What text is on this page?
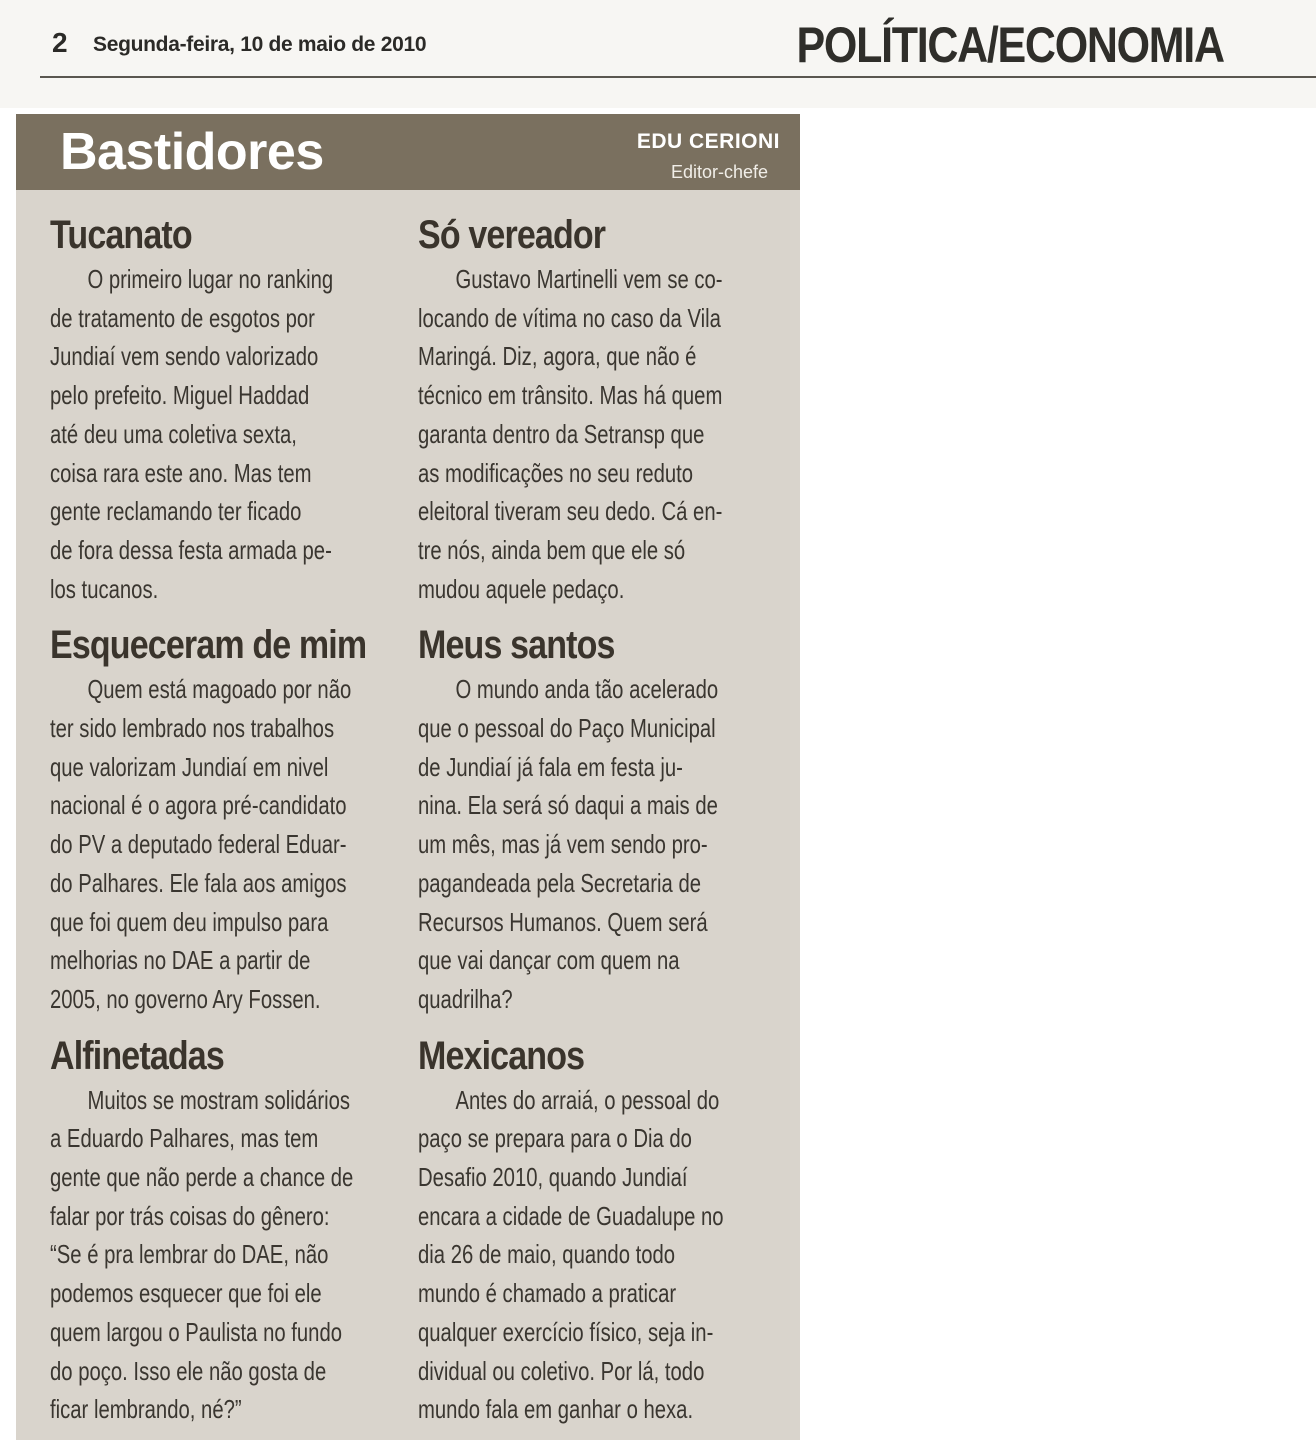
2 Segunda-feira, 10 de maio de 2010	POLÍTICA/ECONOMIA
Bastidores	EDU CERIONI
Editor-chefe
Tucanato
O primeiro lugar no ranking
de tratamento de esgotos por
Jundiaí vem sendo valorizado
pelo prefeito. Miguel Haddad
até deu uma coletiva sexta,
coisa rara este ano. Mas tem
gente reclamando ter ficado
de fora dessa festa armada pe-
los tucanos.
Esqueceram de mim
Quem está magoado por não
ter sido lembrado nos trabalhos
que valorizam Jundiaí em nivel
nacional é o agora pré-candidato
do PV a deputado federal Eduar-
do Palhares. Ele fala aos amigos
que foi quem deu impulso para
melhorias no DAE a partir de
2005, no governo Ary Fossen.
Alfinetadas
Muitos se mostram solidários
a Eduardo Palhares, mas tem
gente que não perde a chance de
falar por trás coisas do gênero:
“Se é pra lembrar do DAE, não
podemos esquecer que foi ele
quem largou o Paulista no fundo
do poço. Isso ele não gosta de
ficar lembrando, né?”
Só vereador
Gustavo Martinelli vem se co-
locando de vítima no caso da Vila
Maringá. Diz, agora, que não é
técnico em trânsito. Mas há quem
garanta dentro da Setransp que
as modificações no seu reduto
eleitoral tiveram seu dedo. Cá en-
tre nós, ainda bem que ele só
mudou aquele pedaço.
Meus santos
O mundo anda tão acelerado
que o pessoal do Paço Municipal
de Jundiaí já fala em festa ju-
nina. Ela será só daqui a mais de
um mês, mas já vem sendo pro-
pagandeada pela Secretaria de
Recursos Humanos. Quem será
que vai dançar com quem na
quadrilha?
Mexicanos
Antes do arraiá, o pessoal do
paço se prepara para o Dia do
Desafio 2010, quando Jundiaí
encara a cidade de Guadalupe no
dia 26 de maio, quando todo
mundo é chamado a praticar
qualquer exercício físico, seja in-
dividual ou coletivo. Por lá, todo
mundo fala em ganhar o hexa.
